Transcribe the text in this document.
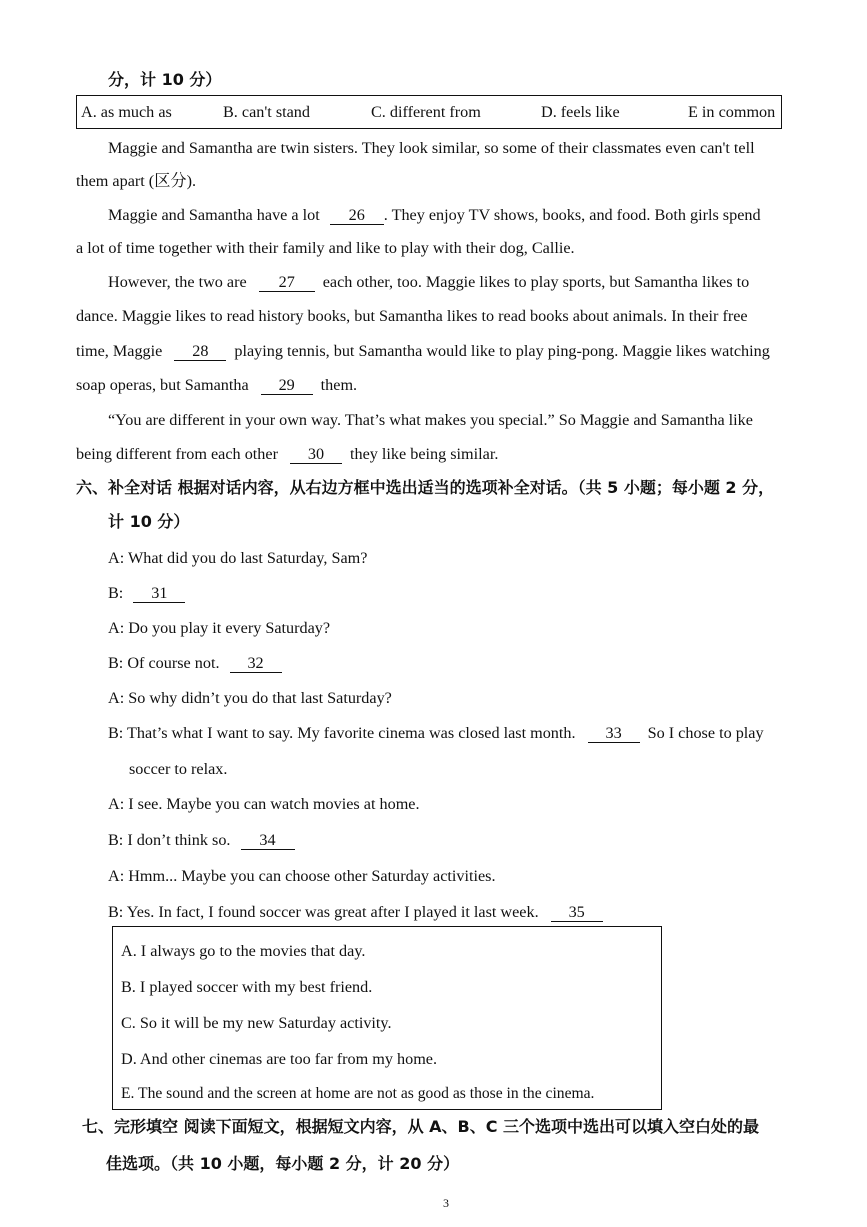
分，计 10 分）
A. as much as	B. can't stand	C. different from	D. feels like	E in common
Maggie and Samantha are twin sisters. They look similar, so some of their classmates even can't tell
them apart (区分).
Maggie and Samantha have a lot 26 . They enjoy TV shows, books, and food. Both girls spend
a lot of time together with their family and like to play with their dog, Callie.
However, the two are 27 each other, too. Maggie likes to play sports, but Samantha likes to
dance. Maggie likes to read history books, but Samantha likes to read books about animals. In their free
time, Maggie 28 playing tennis, but Samantha would like to play ping-pong. Maggie likes watching
soap operas, but Samantha 29 them.
“You are different in your own way. That’s what makes you special.” So Maggie and Samantha like
being different from each other 30 they like being similar.
六、补全对话 根据对话内容，从右边方框中选出适当的选项补全对话。（共 5 小题；每小题 2 分，
计 10 分）
A: What did you do last Saturday, Sam?
B: 31
A: Do you play it every Saturday?
B: Of course not. 32
A: So why didn’t you do that last Saturday?
B: That’s what I want to say. My favorite cinema was closed last month. 33 So I chose to play
soccer to relax.
A: I see. Maybe you can watch movies at home.
B: I don’t think so. 34
A: Hmm... Maybe you can choose other Saturday activities.
B: Yes. In fact, I found soccer was great after I played it last week. 35
A. I always go to the movies that day.
B. I played soccer with my best friend.
C. So it will be my new Saturday activity.
D. And other cinemas are too far from my home.
E. The sound and the screen at home are not as good as those in the cinema.
七、完形填空 阅读下面短文，根据短文内容，从 A、B、C 三个选项中选出可以填入空白处的最
佳选项。（共 10 小题，每小题 2 分，计 20 分）
3
